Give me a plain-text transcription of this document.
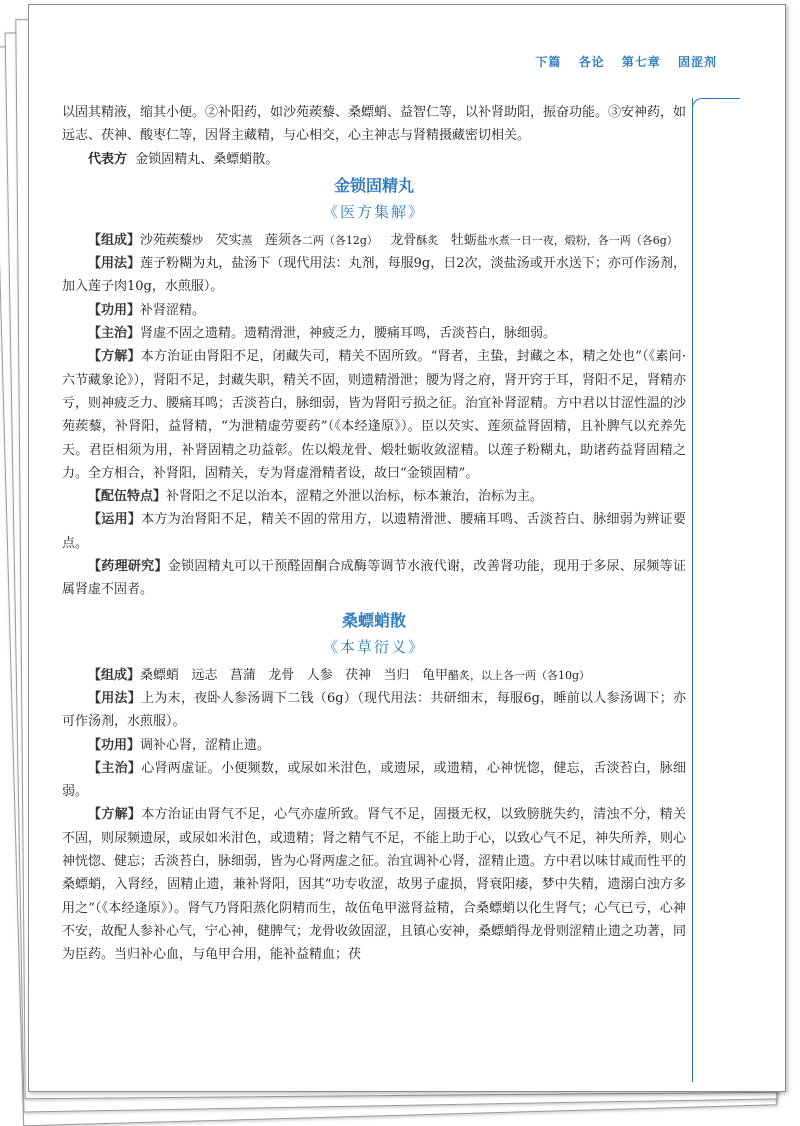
下篇 各论 第七章 固涩剂

以固其精液，缩其小便。②补阳药，如沙苑蒺藜、桑螵蛸、益智仁等，以补肾助阳，振奋功能。③安神药，如远志、茯神、酸枣仁等，因肾主藏精，与心相交，心主神志与肾精摄藏密切相关。

代表方 金锁固精丸、桑螵蛸散。

金锁固精丸
《医方集解》

【组成】沙苑蒺藜炒 芡实蒸 莲须各二两（各12g） 龙骨酥炙 牡蛎盐水煮一日一夜，煅粉，各一两（各6g）

【用法】莲子粉糊为丸，盐汤下（现代用法：丸剂，每服9g，日2次，淡盐汤或开水送下；亦可作汤剂，加入莲子肉10g，水煎服）。

【功用】补肾涩精。

【主治】肾虚不固之遗精。遗精滑泄，神疲乏力，腰痛耳鸣，舌淡苔白，脉细弱。

【方解】本方治证由肾阳不足，闭藏失司，精关不固所致。“肾者，主蛰，封藏之本，精之处也”（《素问·六节藏象论》），肾阳不足，封藏失职，精关不固，则遗精滑泄；腰为肾之府，肾开窍于耳，肾阳不足，肾精亦亏，则神疲乏力、腰痛耳鸣；舌淡苔白，脉细弱，皆为肾阳亏损之征。治宜补肾涩精。方中君以甘涩性温的沙苑蒺藜，补肾阳，益肾精，“为泄精虚劳要药”（《本经逢原》）。臣以芡实、莲须益肾固精，且补脾气以充养先天。君臣相须为用，补肾固精之功益彰。佐以煅龙骨、煅牡蛎收敛涩精。以莲子粉糊丸，助诸药益肾固精之力。全方相合，补肾阳，固精关，专为肾虚滑精者设，故曰“金锁固精”。

【配伍特点】补肾阳之不足以治本，涩精之外泄以治标，标本兼治，治标为主。

【运用】本方为治肾阳不足，精关不固的常用方，以遗精滑泄、腰痛耳鸣、舌淡苔白、脉细弱为辨证要点。

【药理研究】金锁固精丸可以干预醛固酮合成酶等调节水液代谢，改善肾功能，现用于多尿、尿频等证属肾虚不固者。

桑螵蛸散
《本草衍义》

【组成】桑螵蛸 远志 菖蒲 龙骨 人参 茯神 当归 龟甲醋炙，以上各一两（各10g）

【用法】上为末，夜卧人参汤调下二钱（6g）（现代用法：共研细末，每服6g，睡前以人参汤调下；亦可作汤剂，水煎服）。

【功用】调补心肾，涩精止遗。

【主治】心肾两虚证。小便频数，或尿如米泔色，或遗尿，或遗精，心神恍惚，健忘，舌淡苔白，脉细弱。

【方解】本方治证由肾气不足，心气亦虚所致。肾气不足，固摄无权，以致膀胱失约，清浊不分，精关不固，则尿频遗尿，或尿如米泔色，或遗精；肾之精气不足，不能上助于心，以致心气不足，神失所养，则心神恍惚、健忘；舌淡苔白，脉细弱，皆为心肾两虚之征。治宜调补心肾，涩精止遗。方中君以味甘咸而性平的桑螵蛸，入肾经，固精止遗，兼补肾阳，因其“功专收涩，故男子虚损，肾衰阳痿，梦中失精，遗溺白浊方多用之”（《本经逢原》）。肾气乃肾阳蒸化阴精而生，故伍龟甲滋肾益精，合桑螵蛸以化生肾气；心气已亏，心神不安，故配人参补心气，宁心神，健脾气；龙骨收敛固涩，且镇心安神，桑螵蛸得龙骨则涩精止遗之功著，同为臣药。当归补心血，与龟甲合用，能补益精血；茯
